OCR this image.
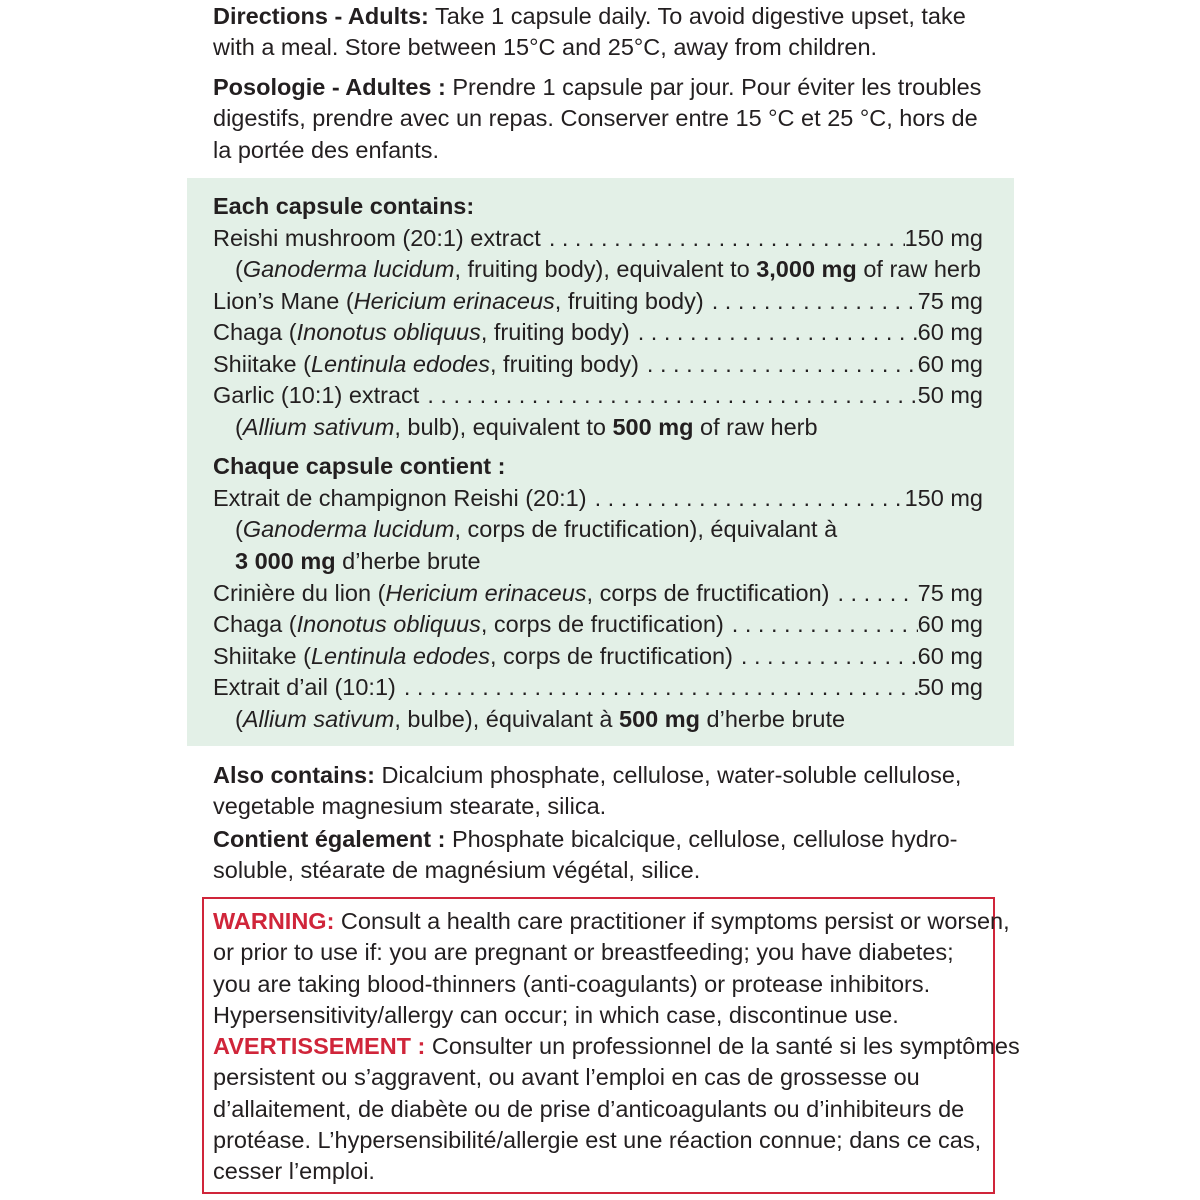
Directions - Adults: Take 1 capsule daily. To avoid digestive upset, take
with a meal. Store between 15°C and 25°C, away from children.
Posologie - Adultes : Prendre 1 capsule par jour. Pour éviter les troubles
digestifs, prendre avec un repas. Conserver entre 15 °C et 25 °C, hors de
la portée des enfants.
Each capsule contains:
Reishi mushroom (20:1) extract . . .	150 mg
(Ganoderma lucidum, fruiting body), equivalent to 3,000 mg of raw herb
Lion’s Mane (Hericium erinaceus, fruiting body) . . .	75 mg
Chaga (Inonotus obliquus, fruiting body) . . .	60 mg
Shiitake (Lentinula edodes, fruiting body) . . .	60 mg
Garlic (10:1) extract . . .	50 mg
(Allium sativum, bulb), equivalent to 500 mg of raw herb
Chaque capsule contient :
Extrait de champignon Reishi (20:1) . . .	150 mg
(Ganoderma lucidum, corps de fructification), équivalant à
3 000 mg d’herbe brute
Crinière du lion (Hericium erinaceus, corps de fructification) . . .	75 mg
Chaga (Inonotus obliquus, corps de fructification) . . .	60 mg
Shiitake (Lentinula edodes, corps de fructification) . . .	60 mg
Extrait d’ail (10:1) . . .	50 mg
(Allium sativum, bulbe), équivalant à 500 mg d’herbe brute
Also contains: Dicalcium phosphate, cellulose, water-soluble cellulose,
vegetable magnesium stearate, silica.
Contient également : Phosphate bicalcique, cellulose, cellulose hydro-
soluble, stéarate de magnésium végétal, silice.
WARNING: Consult a health care practitioner if symptoms persist or worsen,
or prior to use if: you are pregnant or breastfeeding; you have diabetes;
you are taking blood-thinners (anti-coagulants) or protease inhibitors.
Hypersensitivity/allergy can occur; in which case, discontinue use.
AVERTISSEMENT : Consulter un professionnel de la santé si les symptômes
persistent ou s’aggravent, ou avant l’emploi en cas de grossesse ou
d’allaitement, de diabète ou de prise d’anticoagulants ou d’inhibiteurs de
protéase. L’hypersensibilité/allergie est une réaction connue; dans ce cas,
cesser l’emploi.
